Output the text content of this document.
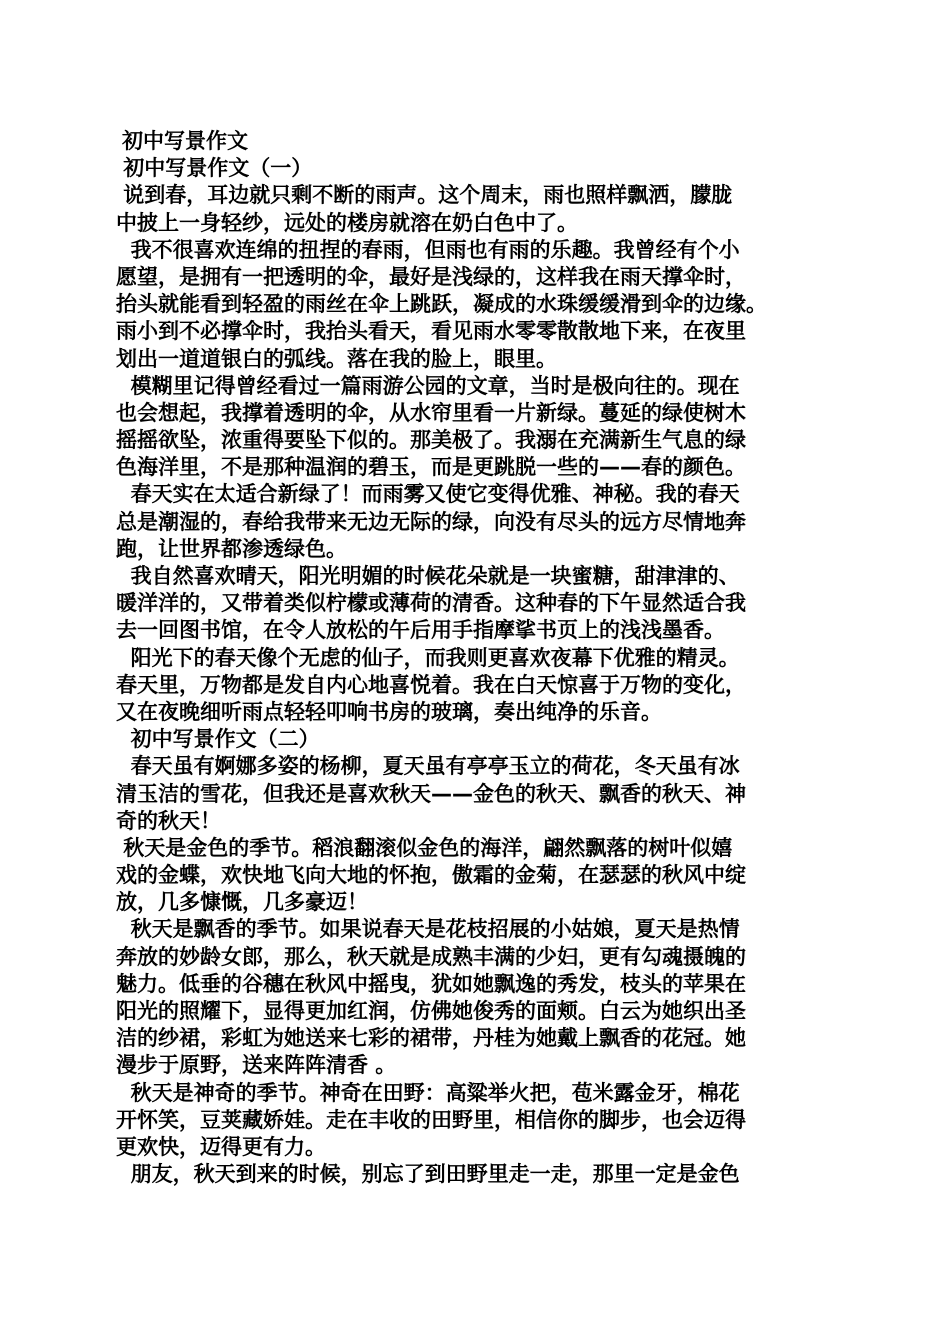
初中写景作文
初中写景作文（一）
说到春，耳边就只剩不断的雨声。这个周末，雨也照样飘洒，朦胧
中披上一身轻纱，远处的楼房就溶在奶白色中了。
我不很喜欢连绵的扭捏的春雨，但雨也有雨的乐趣。我曾经有个小
愿望，是拥有一把透明的伞，最好是浅绿的，这样我在雨天撑伞时，
抬头就能看到轻盈的雨丝在伞上跳跃，凝成的水珠缓缓滑到伞的边缘。
雨小到不必撑伞时，我抬头看天，看见雨水零零散散地下来，在夜里
划出一道道银白的弧线。落在我的脸上，眼里。
模糊里记得曾经看过一篇雨游公园的文章，当时是极向往的。现在
也会想起，我撑着透明的伞，从水帘里看一片新绿。蔓延的绿使树木
摇摇欲坠，浓重得要坠下似的。那美极了。我溺在充满新生气息的绿
色海洋里，不是那种温润的碧玉，而是更跳脱一些的——春的颜色。
春天实在太适合新绿了！而雨雾又使它变得优雅、神秘。我的春天
总是潮湿的，春给我带来无边无际的绿，向没有尽头的远方尽情地奔
跑，让世界都渗透绿色。
我自然喜欢晴天，阳光明媚的时候花朵就是一块蜜糖，甜津津的、
暖洋洋的，又带着类似柠檬或薄荷的清香。这种春的下午显然适合我
去一回图书馆，在令人放松的午后用手指摩挲书页上的浅浅墨香。
阳光下的春天像个无虑的仙子，而我则更喜欢夜幕下优雅的精灵。
春天里，万物都是发自内心地喜悦着。我在白天惊喜于万物的变化，
又在夜晚细听雨点轻轻叩响书房的玻璃，奏出纯净的乐音。
初中写景作文（二）
春天虽有婀娜多姿的杨柳，夏天虽有亭亭玉立的荷花，冬天虽有冰
清玉洁的雪花，但我还是喜欢秋天——金色的秋天、飘香的秋天、神
奇的秋天！
秋天是金色的季节。稻浪翻滚似金色的海洋，翩然飘落的树叶似嬉
戏的金蝶，欢快地飞向大地的怀抱，傲霜的金菊，在瑟瑟的秋风中绽
放，几多慷慨，几多豪迈！
秋天是飘香的季节。如果说春天是花枝招展的小姑娘，夏天是热情
奔放的妙龄女郎，那么，秋天就是成熟丰满的少妇，更有勾魂摄魄的
魅力。低垂的谷穗在秋风中摇曳，犹如她飘逸的秀发，枝头的苹果在
阳光的照耀下，显得更加红润，仿佛她俊秀的面颊。白云为她织出圣
洁的纱裙，彩虹为她送来七彩的裙带，丹桂为她戴上飘香的花冠。她
漫步于原野，送来阵阵清香 。
秋天是神奇的季节。神奇在田野：高粱举火把，苞米露金牙，棉花
开怀笑，豆荚藏娇娃。走在丰收的田野里，相信你的脚步，也会迈得
更欢快，迈得更有力。
朋友，秋天到来的时候，别忘了到田野里走一走，那里一定是金色
